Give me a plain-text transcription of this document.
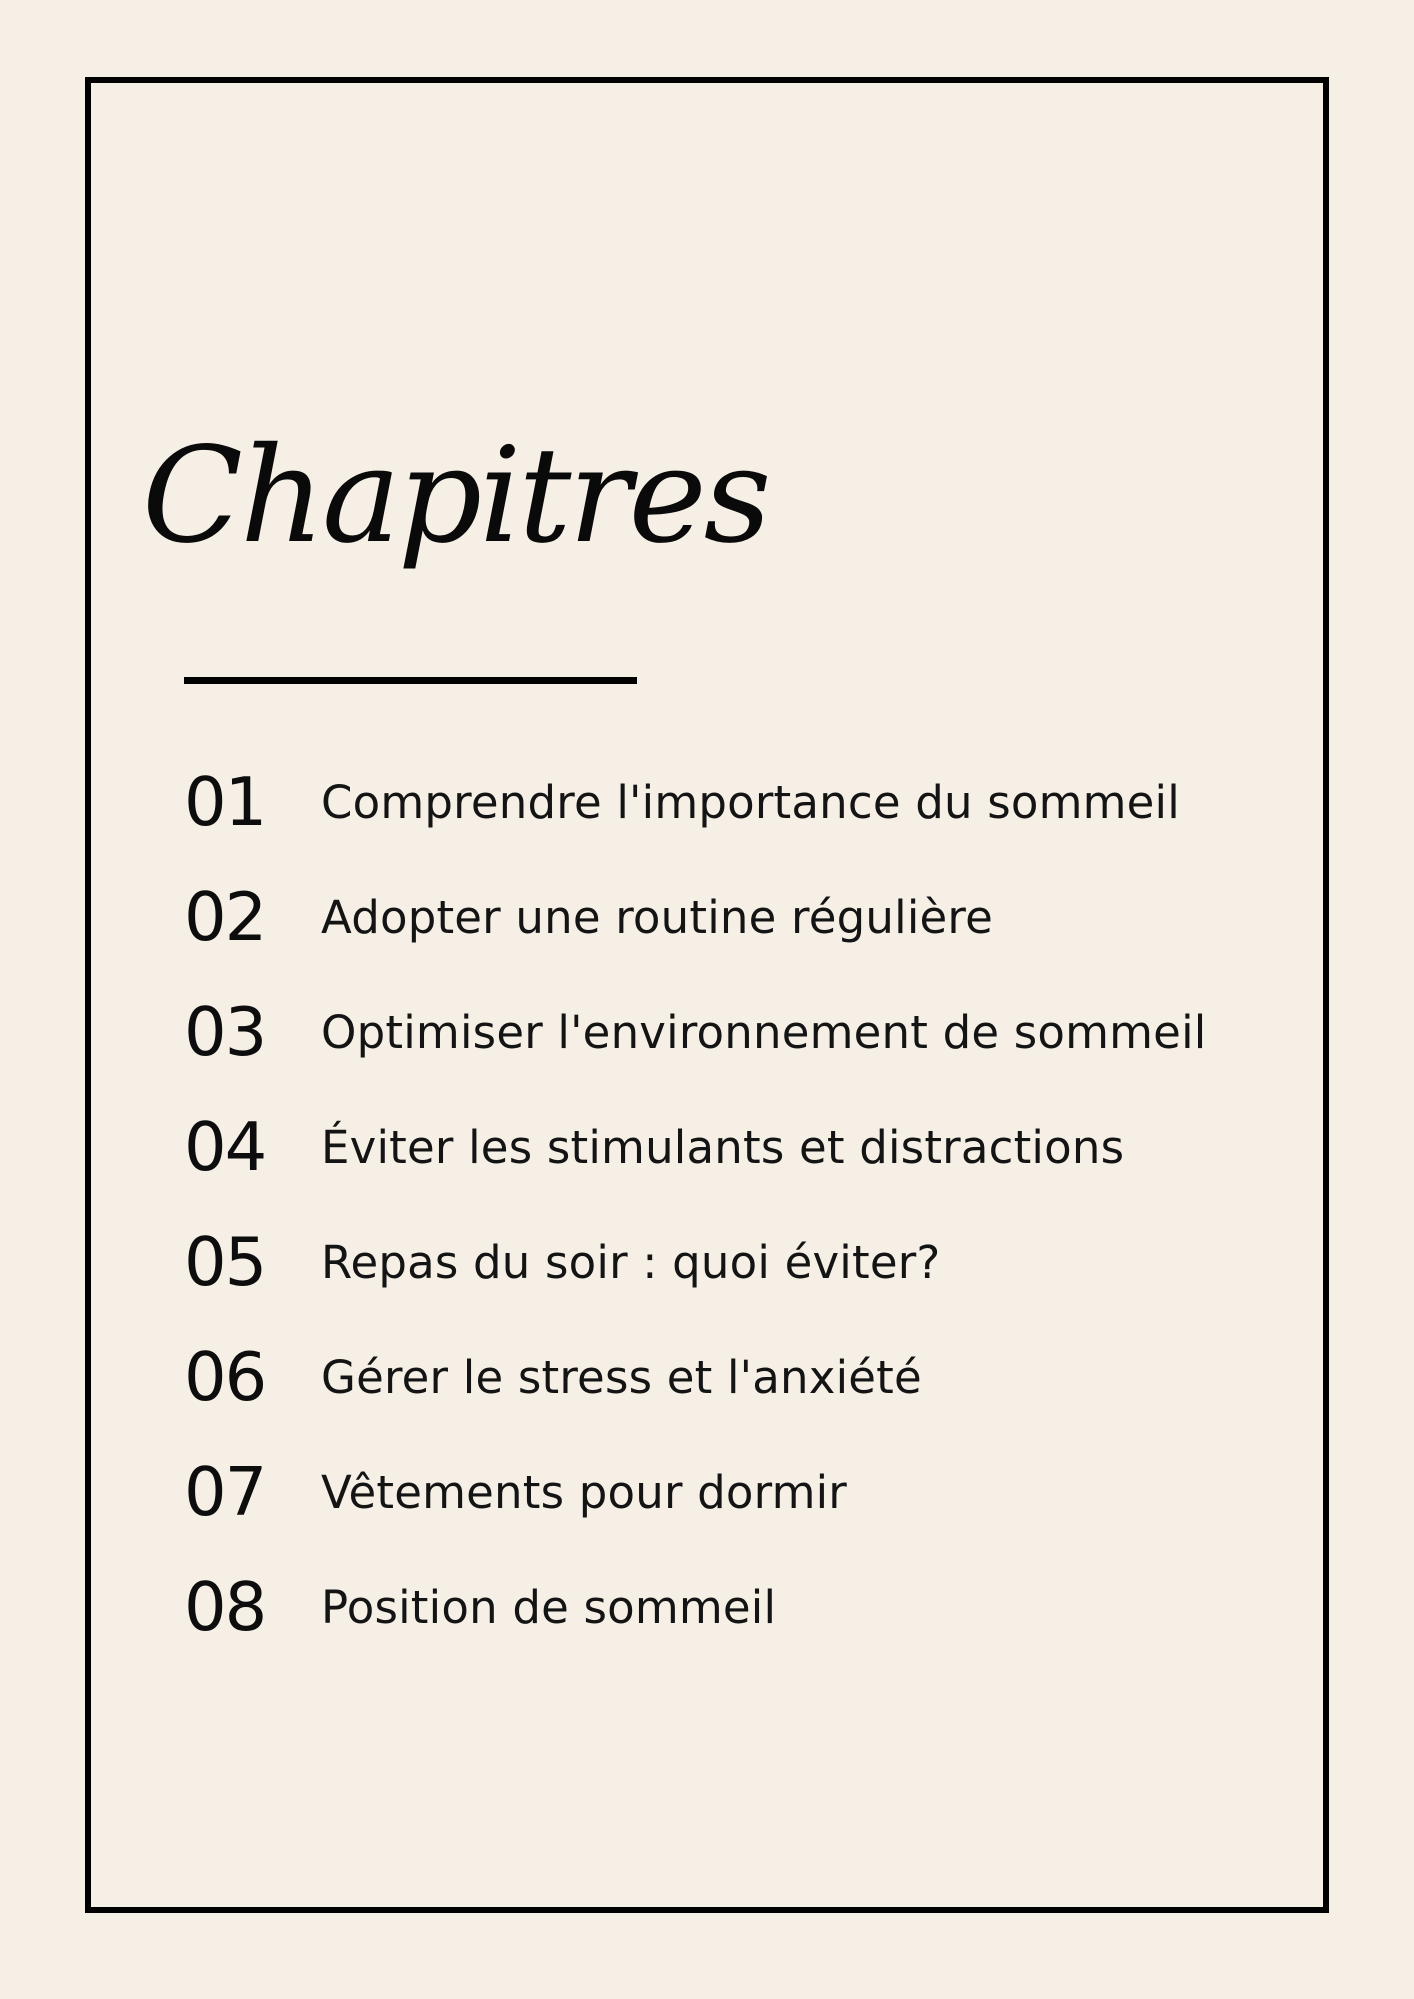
Chapitres
01	Comprendre l'importance du sommeil
02	Adopter une routine régulière
03	Optimiser l'environnement de sommeil
04	Éviter les stimulants et distractions
05	Repas du soir : quoi éviter?
06	Gérer le stress et l'anxiété
07	Vêtements pour dormir
08	Position de sommeil
